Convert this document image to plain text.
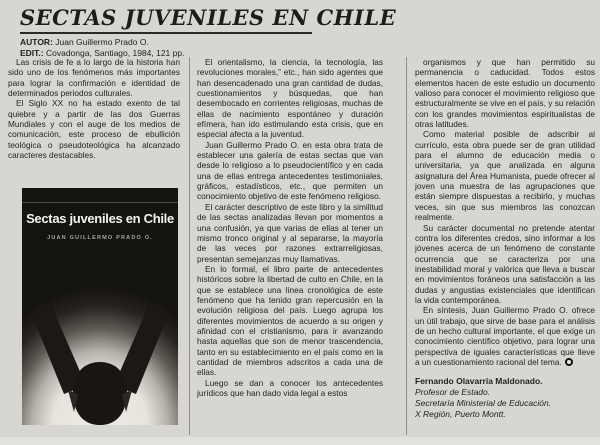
SECTAS JUVENILES EN CHILE
AUTOR: Juan Guillermo Prado O.
EDIT.: Covadonga, Santiago, 1984, 121 pp.

Las crisis de fe a lo largo de la historia han sido uno de los fenómenos más importantes para lograr la confirmación e identidad de determinados periodos culturales.

El Siglo XX no ha estado exento de tal quiebre y a partir de las dos Guerras Mundiales y con el auge de los medios de comunicación, este proceso de ebullición teológica o pseudoteológica ha alcanzado caracteres destacables.

Sectas juveniles en Chile
JUAN GUILLERMO PRADO O.

El orientalismo, la ciencia, la tecnología, las revoluciones morales,” etc., han sido agentes que han desencadenado una gran cantidad de dudas, cuestionamientos y búsquedas, que han desembocado en corrientes religiosas, muchas de ellas de nacimiento espontáneo y duración efímera, han ido estimulando esta crisis, que en especial afecta a la juventud.

Juan Guillermo Prado O. en esta obra trata de establecer una galería de estas sectas que van desde lo religioso a lo pseudocientífico y en cada una de ellas entrega antecedentes testimoniales, gráficos, estadísticos, etc., que permiten un conocimiento objetivo de este fenómeno religioso.

El carácter descriptivo de este libro y la similitud de las sectas analizadas llevan por momentos a una confusión, ya que varias de ellas al tener un mismo tronco original y al separarse, la mayoría de las veces por razones extrarreligiosas, presentan semejanzas muy llamativas.

En lo formal, el libro parte de antecedentes históricos sobre la libertad de culto en Chile, en la que se establece una línea cronológica de este fenómeno que ha tenido gran repercusión en la evolución religiosa del país. Luego agrupa los diferentes movimientos de acuerdo a su origen y afinidad con el cristianismo, para ir avanzando hasta aquellas que son de menor trascendencia, tanto en su establecimiento en el país como en la cantidad de miembros adscritos a cada una de ellas.

Luego se dan a conocer los antecedentes jurídicos que han dado vida legal a estos

organismos y que han permitido su permanencia o caducidad. Todos estos elementos hacen de este estudio un documento valioso para conocer el movimiento religioso que estructuralmente se vive en el país, y su relación con los grandes movimientos espiritualistas de otras latitudes.

Como material posible de adscribir al currículo, esta obra puede ser de gran utilidad para el alumno de educación media o universitaria, ya que analizada en alguna asignatura del Área Humanista, puede ofrecer al joven una muestra de las agrupaciones que están siempre dispuestas a recibirlo, y muchas veces, sin que sus miembros las conozcan realmente.

Su carácter documental no pretende atentar contra los diferentes credos, sino informar a los jóvenes acerca de un fenómeno de constante ocurrencia que se caracteriza por una inestabilidad moral y valórica que lleva a buscar en movimientos foráneos una satisfacción a las dudas y angustias existenciales que identifican la vida contemporánea.

En síntesis, Juan Guillermo Prado O. ofrece un útil trabajo, que sirve de base para el análisis de un hecho cultural importante, el que exige un conocimiento científico objetivo, para lograr una perspectiva de iguales características que lleve a un cuestionamiento racional del tema.

Fernando Olavarría Maldonado.
Profesor de Estado.
Secretaría Ministerial de Educación.
X Región, Puerto Montt.
